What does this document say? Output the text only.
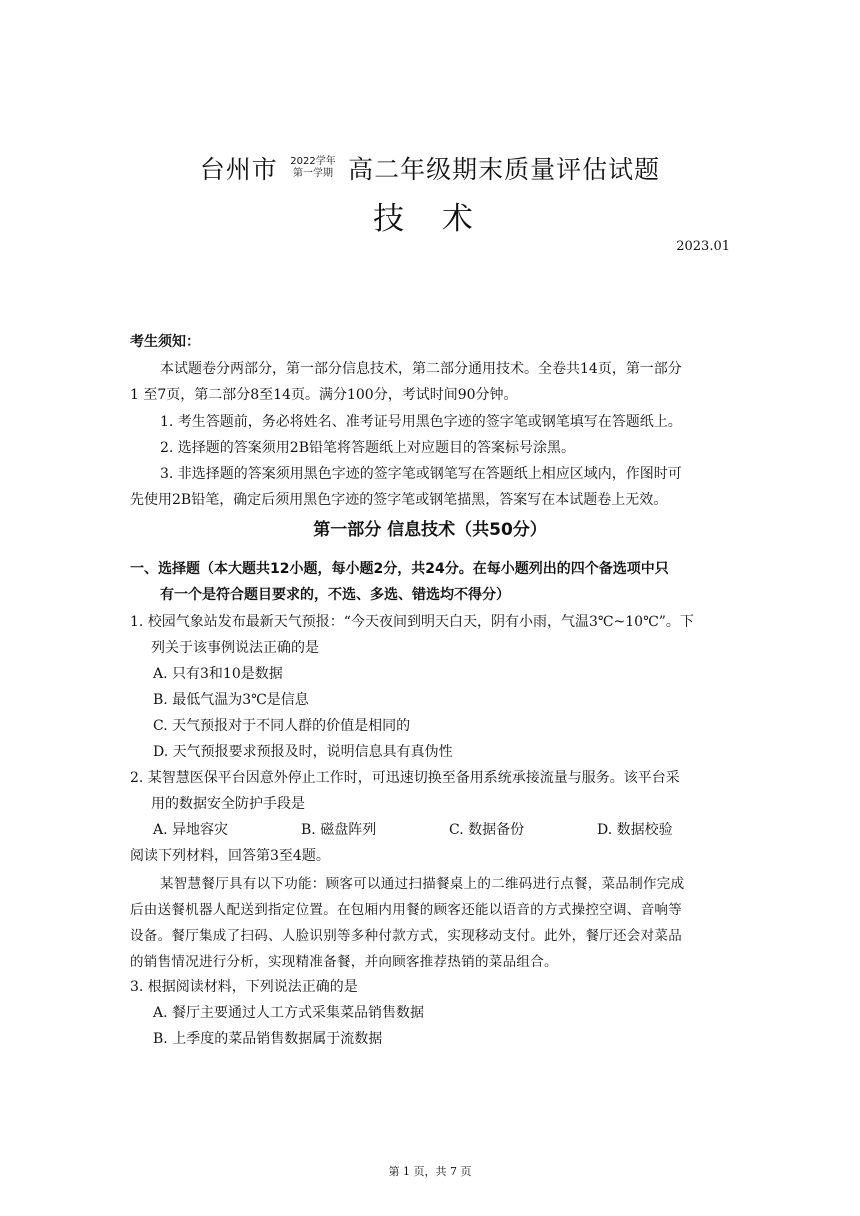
台州市 2022学年
第一学期 高二年级期末质量评估试题
技 术
2023.01
考生须知：
本试题卷分两部分，第一部分信息技术，第二部分通用技术。全卷共14页，第一部分
1 至7页，第二部分8至14页。满分100分，考试时间90分钟。
1. 考生答题前，务必将姓名、准考证号用黑色字迹的签字笔或钢笔填写在答题纸上。
2. 选择题的答案须用2B铅笔将答题纸上对应题目的答案标号涂黑。
3. 非选择题的答案须用黑色字迹的签字笔或钢笔写在答题纸上相应区域内，作图时可
先使用2B铅笔，确定后须用黑色字迹的签字笔或钢笔描黑，答案写在本试题卷上无效。
第一部分 信息技术（共50分）
一、选择题（本大题共12小题，每小题2分，共24分。在每小题列出的四个备选项中只
有一个是符合题目要求的，不选、多选、错选均不得分）
1. 校园气象站发布最新天气预报：“今天夜间到明天白天，阴有小雨，气温3℃~10℃”。下
列关于该事例说法正确的是
A. 只有3和10是数据
B. 最低气温为3℃是信息
C. 天气预报对于不同人群的价值是相同的
D. 天气预报要求预报及时，说明信息具有真伪性
2. 某智慧医保平台因意外停止工作时，可迅速切换至备用系统承接流量与服务。该平台采
用的数据安全防护手段是
A. 异地容灾	B. 磁盘阵列	C. 数据备份	D. 数据校验
阅读下列材料，回答第3至4题。
某智慧餐厅具有以下功能：顾客可以通过扫描餐桌上的二维码进行点餐，菜品制作完成
后由送餐机器人配送到指定位置。在包厢内用餐的顾客还能以语音的方式操控空调、音响等
设备。餐厅集成了扫码、人脸识别等多种付款方式，实现移动支付。此外，餐厅还会对菜品
的销售情况进行分析，实现精准备餐，并向顾客推荐热销的菜品组合。
3. 根据阅读材料，下列说法正确的是
A. 餐厅主要通过人工方式采集菜品销售数据
B. 上季度的菜品销售数据属于流数据
第 1 页，共 7 页
